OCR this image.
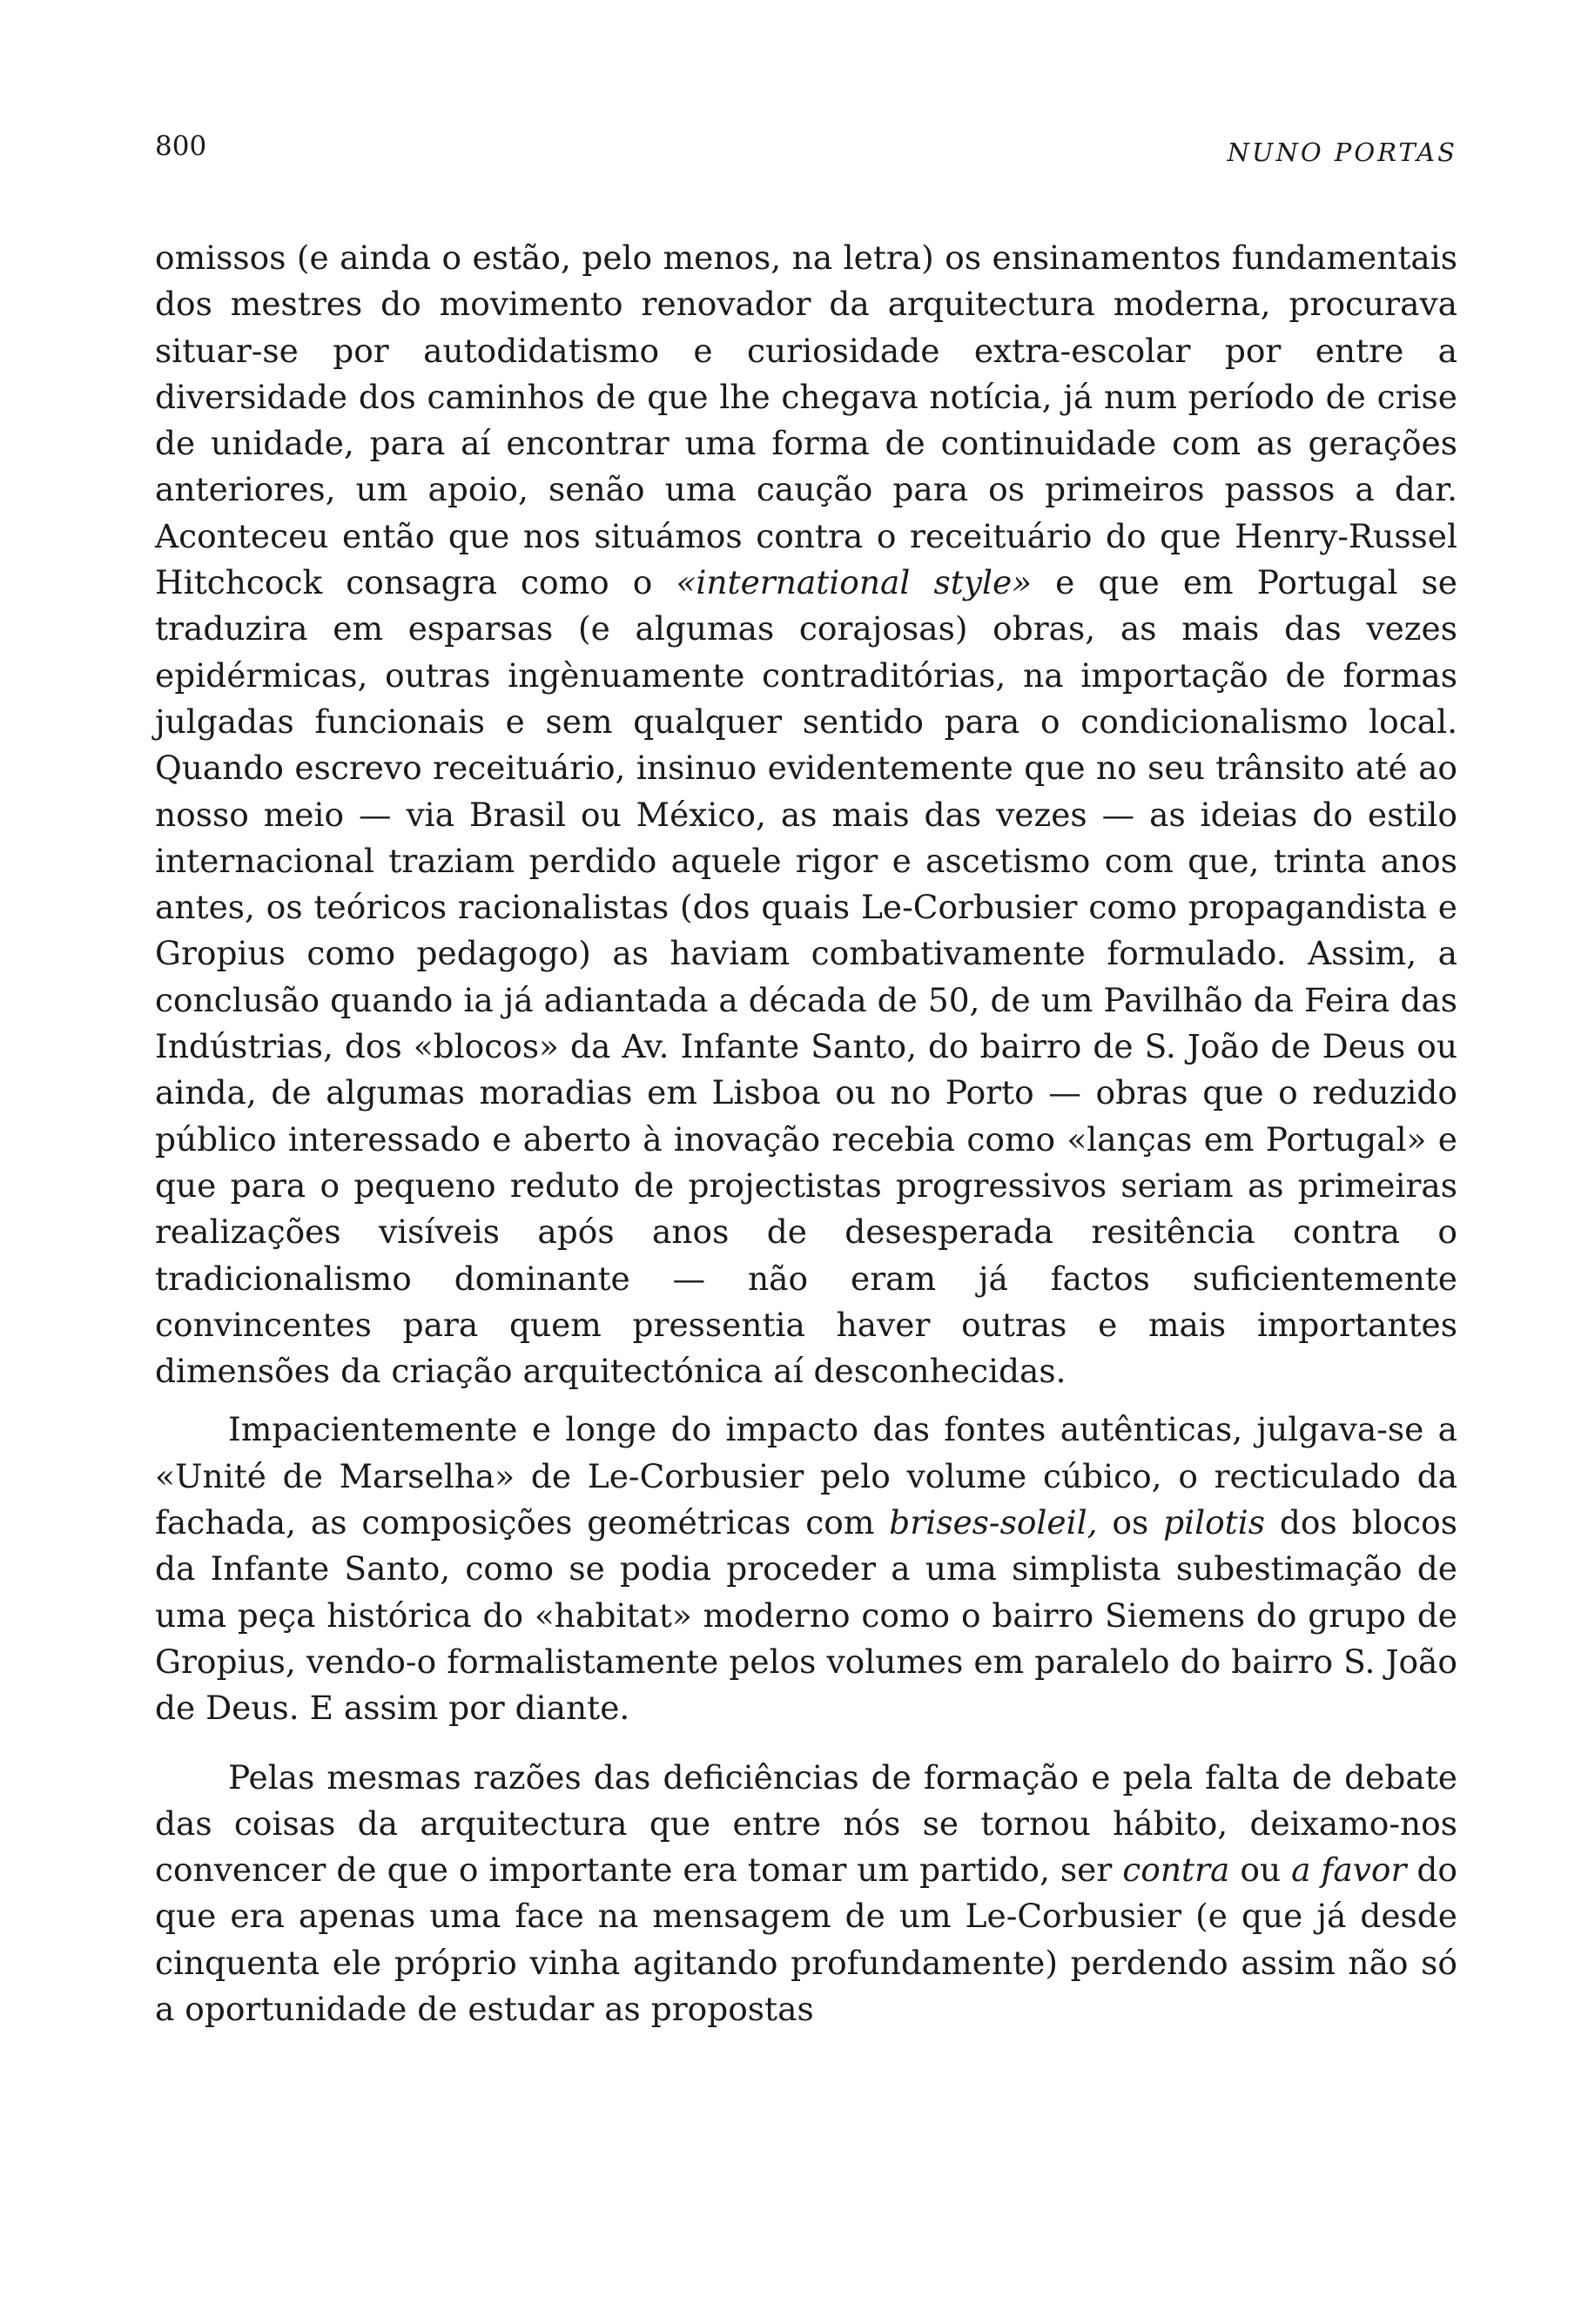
800	NUNO PORTAS

omissos (e ainda o estão, pelo menos, na letra) os ensinamentos fundamentais dos mestres do movimento renovador da arquitectura moderna, procurava situar-se por autodidatismo e curiosidade extra-escolar por entre a diversidade dos caminhos de que lhe chegava notícia, já num período de crise de unidade, para aí encontrar uma forma de continuidade com as gerações anteriores, um apoio, senão uma caução para os primeiros passos a dar. Aconteceu então que nos situámos contra o receituário do que Henry-Russel Hitchcock consagra como o «international style» e que em Portugal se traduzira em esparsas (e algumas corajosas) obras, as mais das vezes epidérmicas, outras ingènuamente contraditórias, na importação de formas julgadas funcionais e sem qualquer sentido para o condicionalismo local. Quando escrevo receituário, insinuo evidentemente que no seu trânsito até ao nosso meio — via Brasil ou México, as mais das vezes — as ideias do estilo internacional traziam perdido aquele rigor e ascetismo com que, trinta anos antes, os teóricos racionalistas (dos quais Le-Corbusier como propagandista e Gropius como pedagogo) as haviam combativamente formulado. Assim, a conclusão quando ia já adiantada a década de 50, de um Pavilhão da Feira das Indústrias, dos «blocos» da Av. Infante Santo, do bairro de S. João de Deus ou ainda, de algumas moradias em Lisboa ou no Porto — obras que o reduzido público interessado e aberto à inovação recebia como «lanças em Portugal» e que para o pequeno reduto de projectistas progressivos seriam as primeiras realizações visíveis após anos de desesperada resitência contra o tradicionalismo dominante — não eram já factos suficientemente convincentes para quem pressentia haver outras e mais importantes dimensões da criação arquitectónica aí desconhecidas.

Impacientemente e longe do impacto das fontes autênticas, julgava-se a «Unité de Marselha» de Le-Corbusier pelo volume cúbico, o recticulado da fachada, as composições geométricas com brises-soleil, os pilotis dos blocos da Infante Santo, como se podia proceder a uma simplista subestimação de uma peça histórica do «habitat» moderno como o bairro Siemens do grupo de Gropius, vendo-o formalistamente pelos volumes em paralelo do bairro S. João de Deus. E assim por diante.

Pelas mesmas razões das deficiências de formação e pela falta de debate das coisas da arquitectura que entre nós se tornou hábito, deixamo-nos convencer de que o importante era tomar um partido, ser contra ou a favor do que era apenas uma face na mensagem de um Le-Corbusier (e que já desde cinquenta ele próprio vinha agitando profundamente) perdendo assim não só a oportunidade de estudar as propostas
